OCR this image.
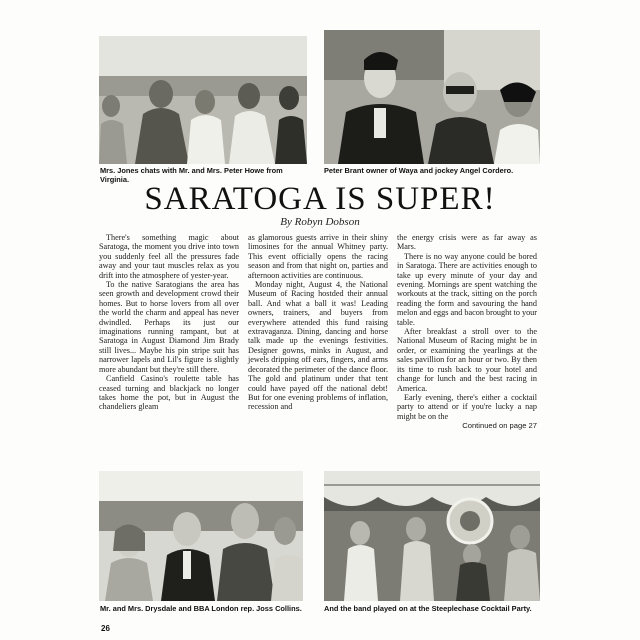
Mrs. Jones chats with Mr. and Mrs. Peter Howe from Virginia.
Peter Brant owner of Waya and jockey Angel Cordero.
SARATOGA IS SUPER!
By Robyn Dobson

There's something magic about Saratoga, the moment you drive into town you suddenly feel all the pressures fade away and your taut muscles relax as you drift into the atmosphere of yester-year.

To the native Saratogians the area has seen growth and development crowd their homes. But to horse lovers from all over the world the charm and appeal has never dwindled. Perhaps its just our imaginations running rampant, but at Saratoga in August Diamond Jim Brady still lives... Maybe his pin stripe suit has narrower lapels and Lil's figure is slightly more abundant but they're still there.

Canfield Casino's roulette table has ceased turning and blackjack no longer takes home the pot, but in August the chandeliers gleam

as glamorous guests arrive in their shiny limosines for the annual Whitney party. This event officially opens the racing season and from that night on, parties and afternoon activities are continuous.

Monday night, August 4, the National Museum of Racing hostded their annual ball. And what a ball it was! Leading owners, trainers, and buyers from everywhere attended this fund raising extravaganza. Dining, dancing and horse talk made up the evenings festivities. Designer gowns, minks in August, and jewels dripping off ears, fingers, and arms decorated the perimeter of the dance floor. The gold and platinum under that tent could have payed off the national debt! But for one evening problems of inflation, recession and

the energy crisis were as far away as Mars.

There is no way anyone could be bored in Saratoga. There are activities enough to take up every minute of your day and evening. Mornings are spent watching the workouts at the track, sitting on the porch reading the form and savouring the hand melon and eggs and bacon brought to your table.

After breakfast a stroll over to the National Museum of Racing might be in order, or examining the yearlings at the sales pavillion for an hour or two. By then its time to rush back to your hotel and change for lunch and the best racing in America.

Early evening, there's either a cocktail party to attend or if you're lucky a nap might be on the

Continued on page 27

Mr. and Mrs. Drysdale and BBA London rep. Joss Collins.	And the band played on at the Steeplechase Cocktail Party.
26
